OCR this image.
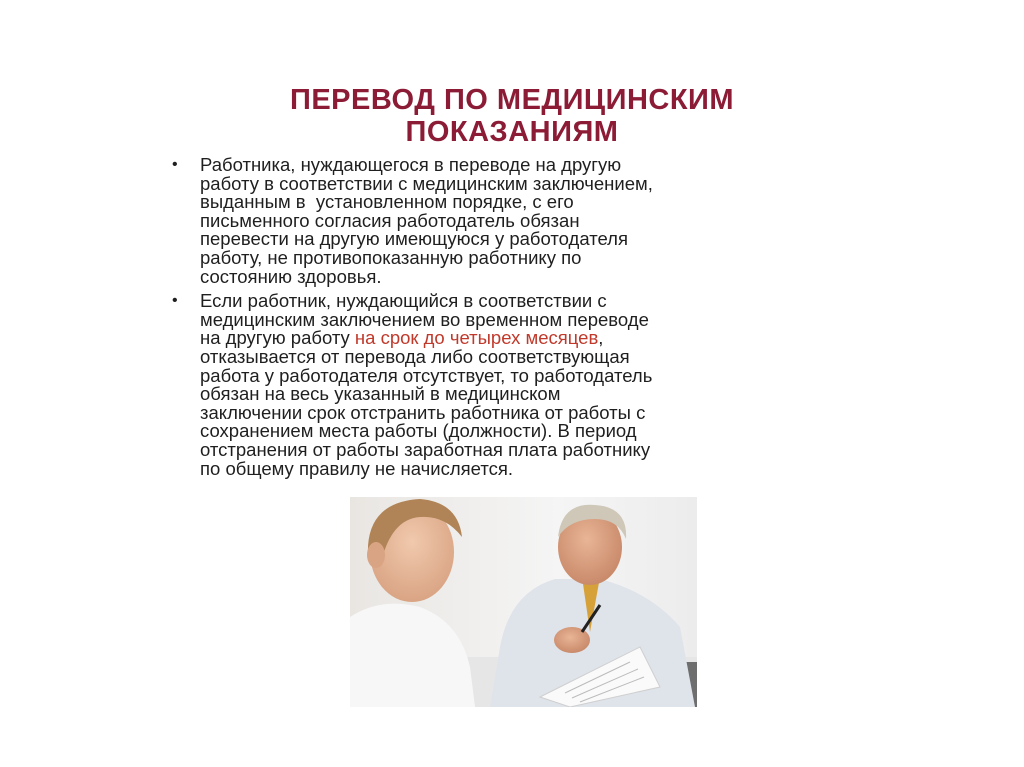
ПЕРЕВОД ПО МЕДИЦИНСКИМ
ПОКАЗАНИЯМ
• Работника, нуждающегося в переводе на другую
работу в соответствии с медицинским заключением,
выданным в  установленном порядке, с его
письменного согласия работодатель обязан
перевести на другую имеющуюся у работодателя
работу, не противопоказанную работнику по
состоянию здоровья.
• Если работник, нуждающийся в соответствии с
медицинским заключением во временном переводе
на другую работу на срок до четырех месяцев,
отказывается от перевода либо соответствующая
работа у работодателя отсутствует, то работодатель
обязан на весь указанный в медицинском
заключении срок отстранить работника от работы с
сохранением места работы (должности). В период
отстранения от работы заработная плата работнику
по общему правилу не начисляется.
